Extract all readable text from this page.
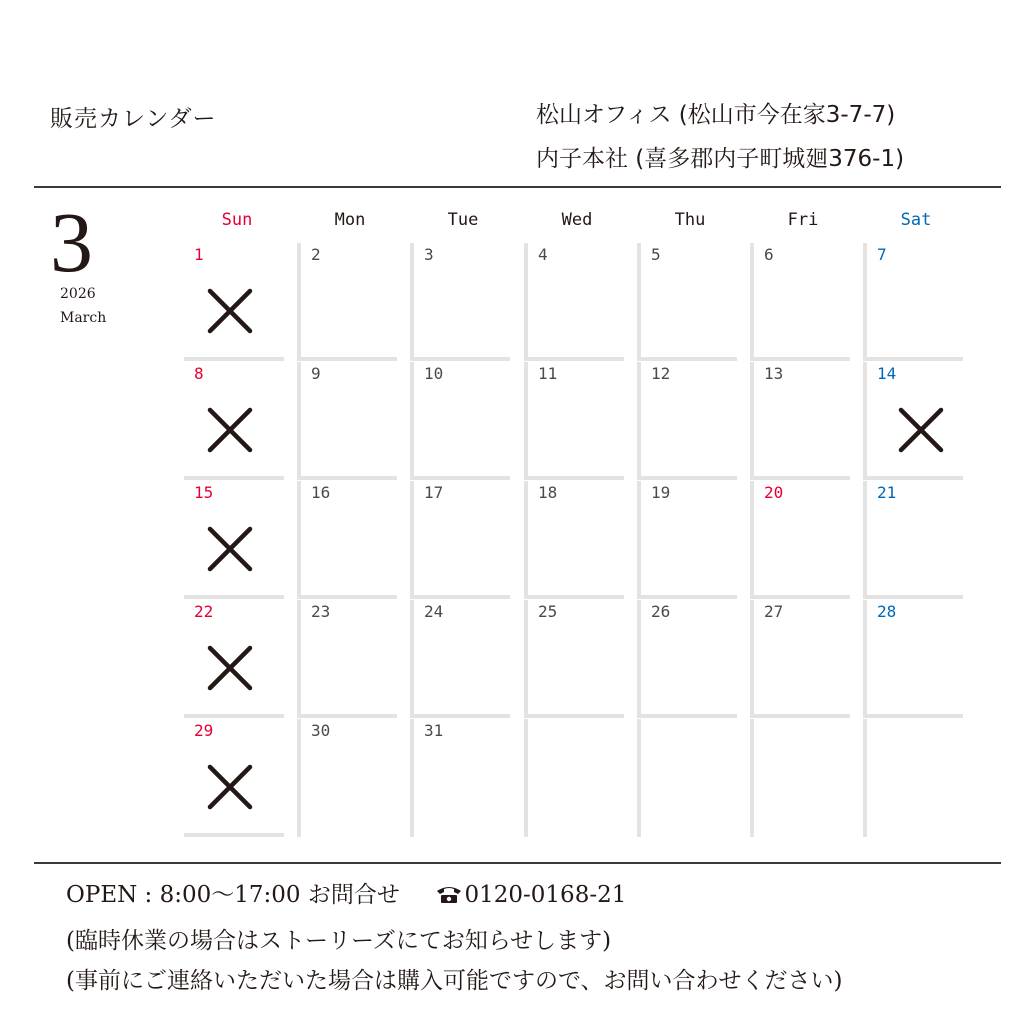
販売カレンダー	松山オフィス (松山市今在家3-7-7)
内子本社 (喜多郡内子町城廻376-1)
3
2026
March
Sun	Mon	Tue	Wed	Thu	Fri	Sat
1	2	3	4	5	6	7
8	9	10	11	12	13	14
15	16	17	18	19	20	21
22	23	24	25	26	27	28
29	30	31
OPEN : 8:00〜17:00 お問合せ	0120-0168-21
(臨時休業の場合はストーリーズにてお知らせします)
(事前にご連絡いただいた場合は購入可能ですので、お問い合わせください)
